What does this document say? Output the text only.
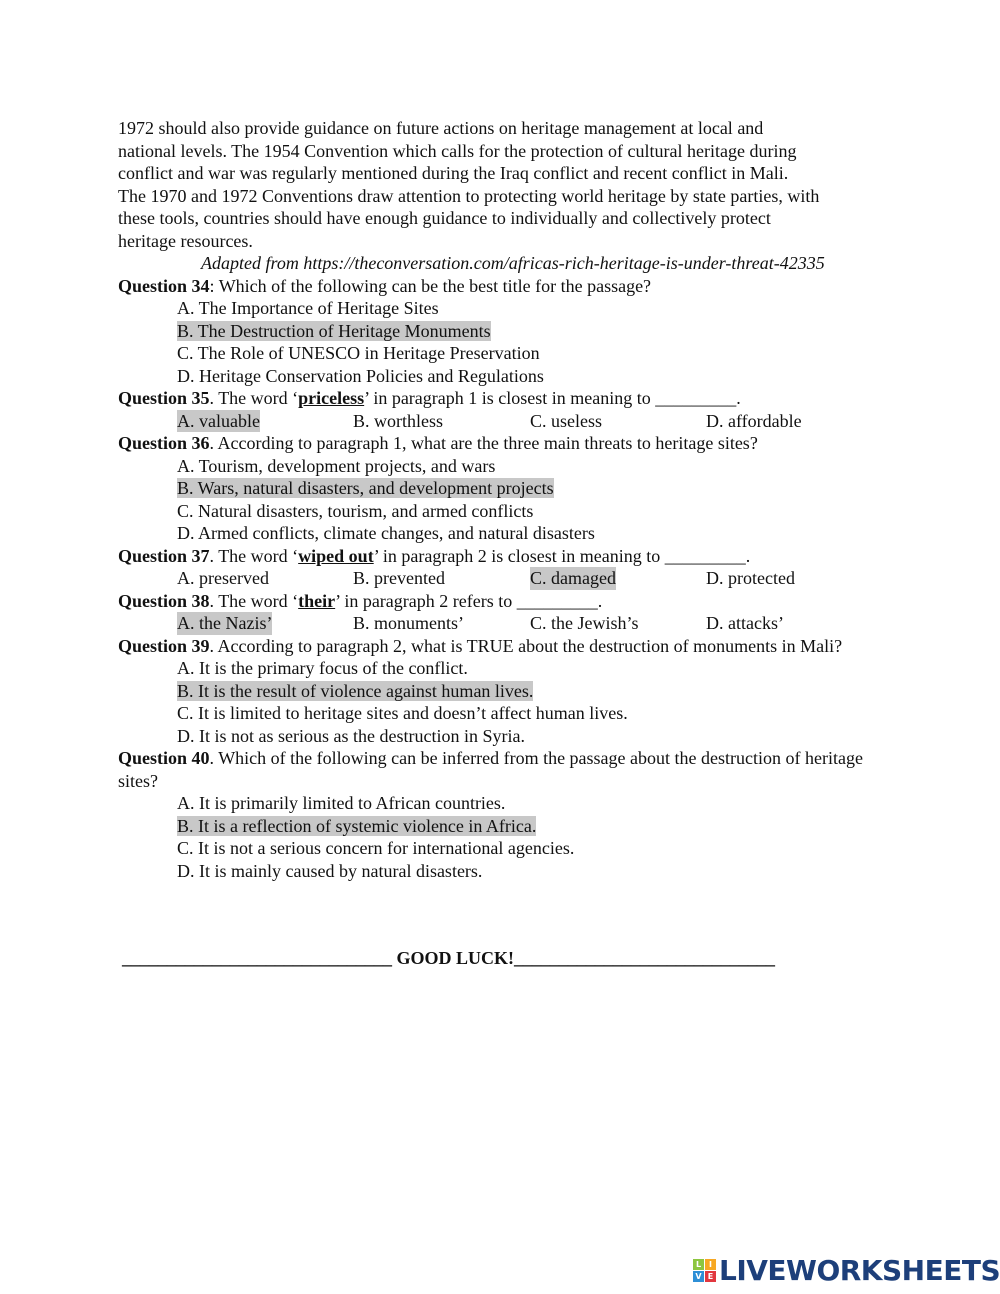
1972 should also provide guidance on future actions on heritage management at local and
national levels. The 1954 Convention which calls for the protection of cultural heritage during
conflict and war was regularly mentioned during the Iraq conflict and recent conflict in Mali.
The 1970 and 1972 Conventions draw attention to protecting world heritage by state parties, with
these tools, countries should have enough guidance to individually and collectively protect
heritage resources.
Adapted from https://theconversation.com/africas-rich-heritage-is-under-threat-42335
Question 34: Which of the following can be the best title for the passage?
A. The Importance of Heritage Sites
B. The Destruction of Heritage Monuments
C. The Role of UNESCO in Heritage Preservation
D. Heritage Conservation Policies and Regulations
Question 35. The word ‘priceless’ in paragraph 1 is closest in meaning to _________.
A. valuable	B. worthless	C. useless	D. affordable
Question 36. According to paragraph 1, what are the three main threats to heritage sites?
A. Tourism, development projects, and wars
B. Wars, natural disasters, and development projects
C. Natural disasters, tourism, and armed conflicts
D. Armed conflicts, climate changes, and natural disasters
Question 37. The word ‘wiped out’ in paragraph 2 is closest in meaning to _________.
A. preserved	B. prevented	C. damaged	D. protected
Question 38. The word ‘their’ in paragraph 2 refers to _________.
A. the Nazis’	B. monuments’	C. the Jewish’s	D. attacks’
Question 39. According to paragraph 2, what is TRUE about the destruction of monuments in Mali?
A. It is the primary focus of the conflict.
B. It is the result of violence against human lives.
C. It is limited to heritage sites and doesn’t affect human lives.
D. It is not as serious as the destruction in Syria.
Question 40. Which of the following can be inferred from the passage about the destruction of heritage sites?
A. It is primarily limited to African countries.
B. It is a reflection of systemic violence in Africa.
C. It is not a serious concern for international agencies.
D. It is mainly caused by natural disasters.
______________________________ GOOD LUCK!_____________________________
L I
V E LIVEWORKSHEETS
